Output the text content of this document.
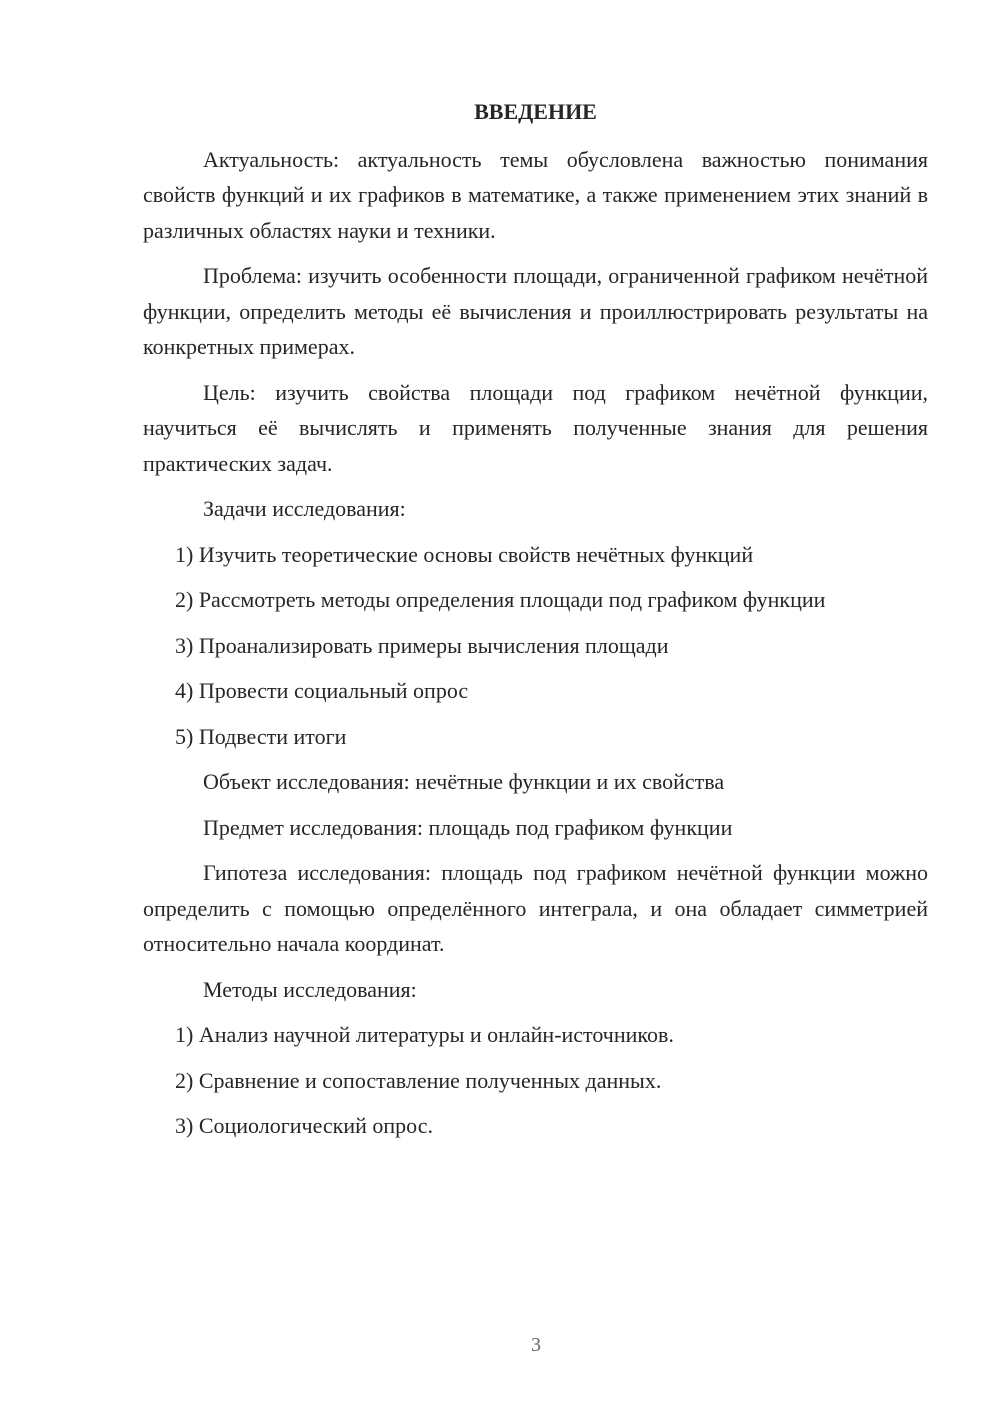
ВВЕДЕНИЕ

Актуальность: актуальность темы обусловлена важностью понимания свойств функций и их графиков в математике, а также применением этих знаний в различных областях науки и техники.

Проблема: изучить особенности площади, ограниченной графиком нечётной функции, определить методы её вычисления и проиллюстрировать результаты на конкретных примерах.

Цель: изучить свойства площади под графиком нечётной функции, научиться её вычислять и применять полученные знания для решения практических задач.

Задачи исследования:

1) Изучить теоретические основы свойств нечётных функций
2) Рассмотреть методы определения площади под графиком функции
3) Проанализировать примеры вычисления площади
4) Провести социальный опрос
5) Подвести итоги

Объект исследования: нечётные функции и их свойства

Предмет исследования: площадь под графиком функции

Гипотеза исследования: площадь под графиком нечётной функции можно определить с помощью определённого интеграла, и она обладает симметрией относительно начала координат.

Методы исследования:

1) Анализ научной литературы и онлайн-источников.
2) Сравнение и сопоставление полученных данных.
3) Социологический опрос.
3
